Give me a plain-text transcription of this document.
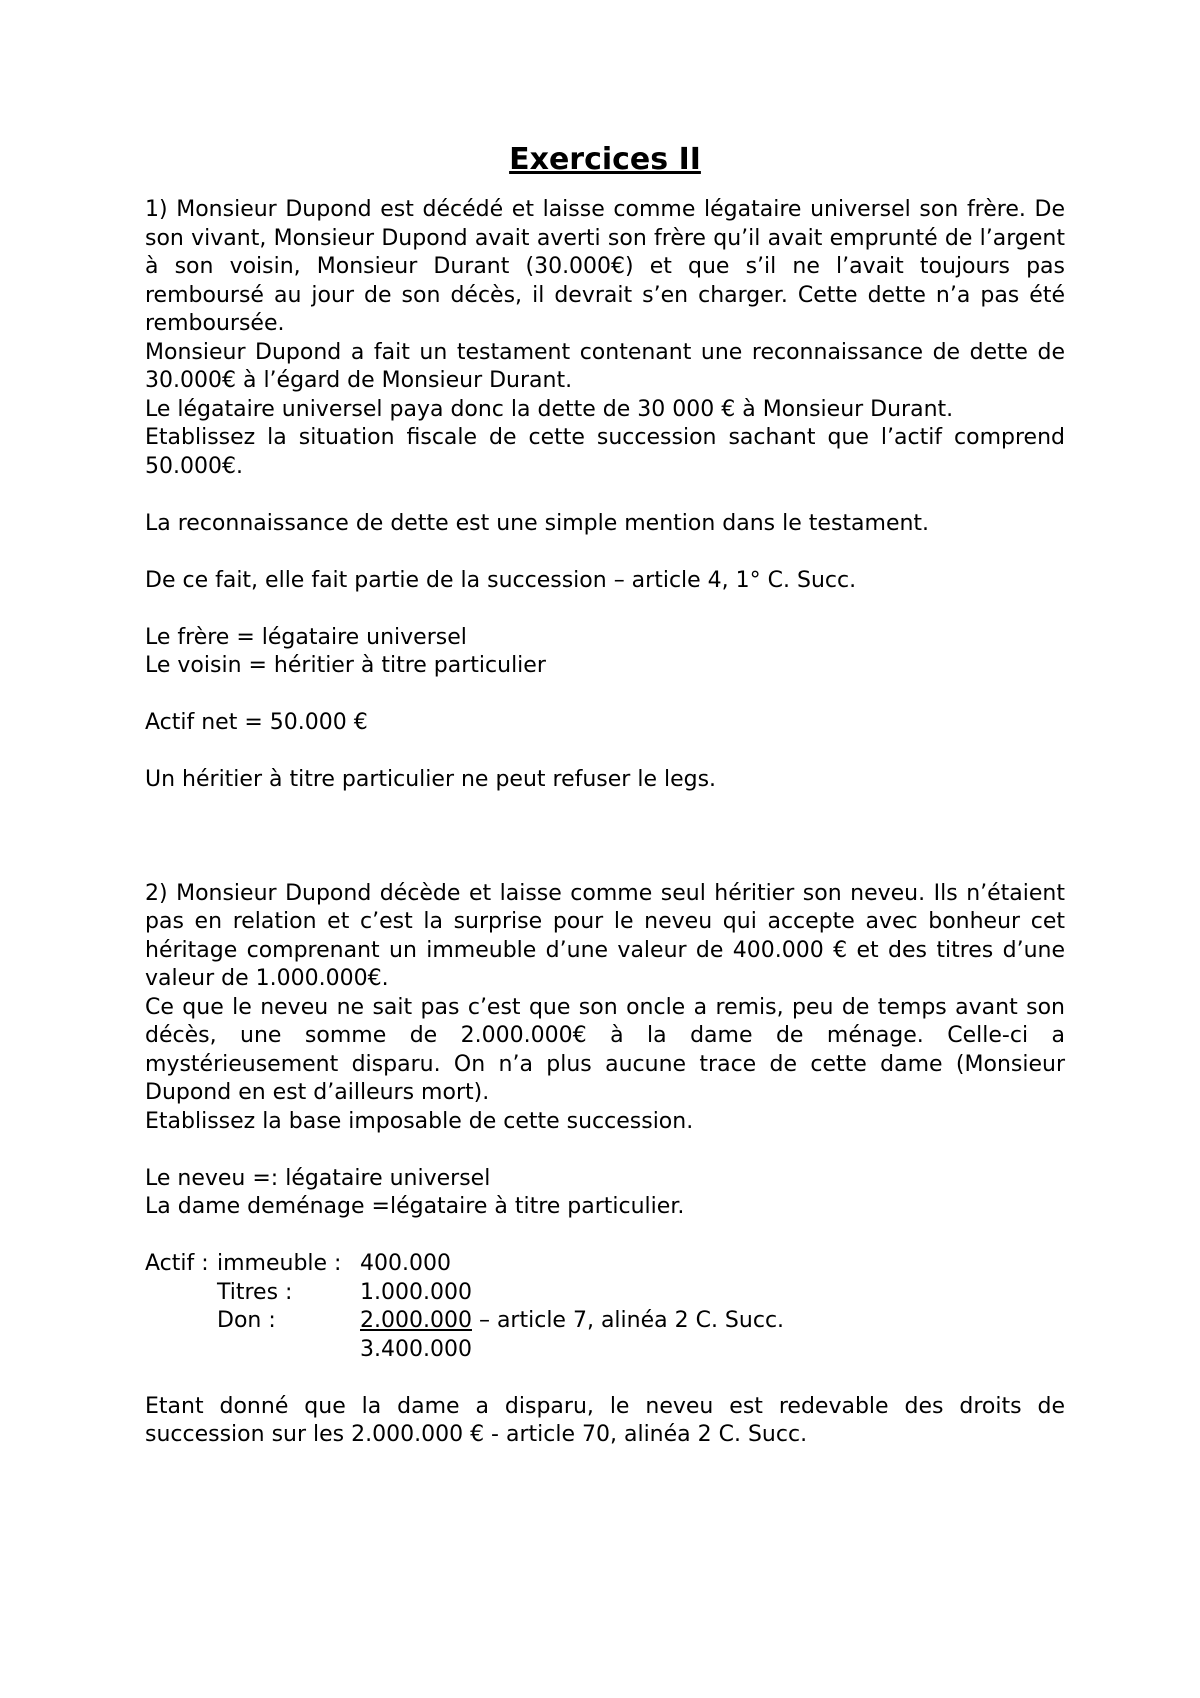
Exercices II

1) Monsieur Dupond est décédé et laisse comme légataire universel son frère. De son vivant, Monsieur Dupond avait averti son frère qu’il avait emprunté de l’argent à son voisin, Monsieur Durant (30.000€) et que s’il ne l’avait toujours pas remboursé au jour de son décès, il devrait s’en charger. Cette dette n’a pas été remboursée.

Monsieur Dupond a fait un testament contenant une reconnaissance de dette de 30.000€ à l’égard de Monsieur Durant.

Le légataire universel paya donc la dette de 30 000 € à Monsieur Durant.

Etablissez la situation fiscale de cette succession sachant que l’actif comprend 50.000€.

La reconnaissance de dette est une simple mention dans le testament.

De ce fait, elle fait partie de la succession – article 4, 1° C. Succ.

Le frère = légataire universel

Le voisin = héritier à titre particulier

Actif net = 50.000 €

Un héritier à titre particulier ne peut refuser le legs.

2) Monsieur Dupond décède et laisse comme seul héritier son neveu. Ils n’étaient pas en relation et c’est la surprise pour le neveu qui accepte avec bonheur cet héritage comprenant un immeuble d’une valeur de 400.000 € et des titres d’une valeur de 1.000.000€.

Ce que le neveu ne sait pas c’est que son oncle a remis, peu de temps avant son décès, une somme de 2.000.000€ à la dame de ménage. Celle-ci a mystérieusement disparu. On n’a plus aucune trace de cette dame (Monsieur Dupond en est d’ailleurs mort).

Etablissez la base imposable de cette succession.

Le neveu =: légataire universel

La dame deménage =légataire à titre particulier.

Actif : immeuble : 400.000
Titres :	1.000.000
Don :	2.000.000 – article 7, alinéa 2 C. Succ.
3.400.000

Etant donné que la dame a disparu, le neveu est redevable des droits de succession sur les 2.000.000 € - article 70, alinéa 2 C. Succ.
